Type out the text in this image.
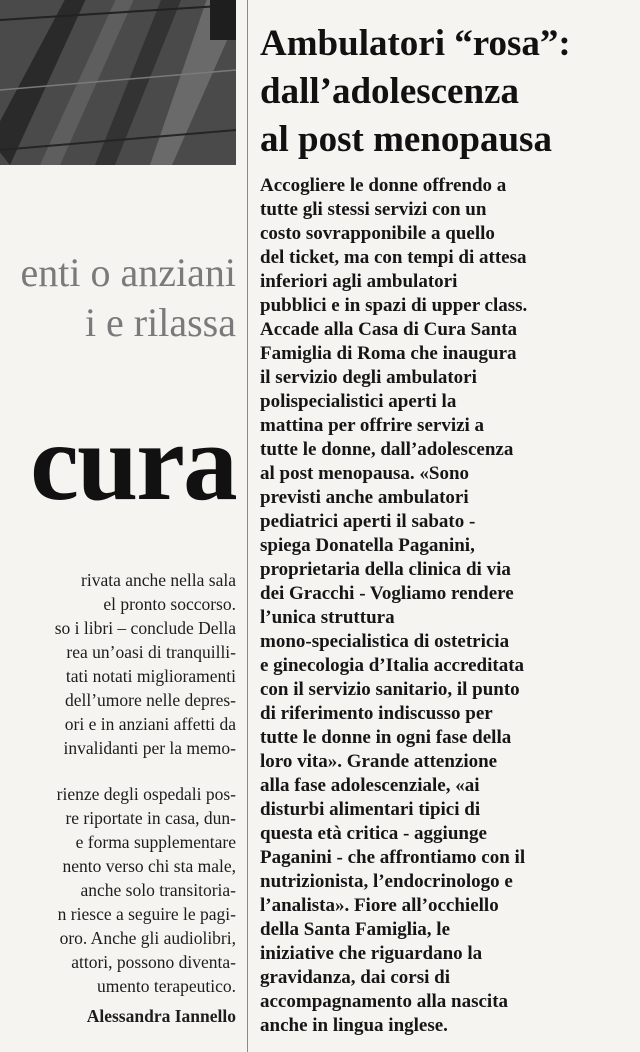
enti o anziani
i e rilassa
cura
rivata anche nella sala
el pronto soccorso.
so i libri – conclude Della
rea un’oasi di tranquilli-
tati notati miglioramenti
dell’umore nelle depres-
ori e in anziani affetti da
invalidanti per la memo-
rienze degli ospedali pos-
re riportate in casa, dun-
e forma supplementare
nento verso chi sta male,
anche solo transitoria-
n riesce a seguire le pagi-
oro. Anche gli audiolibri,
attori, possono diventa-
umento terapeutico.
Alessandra Iannello
Ambulatori “rosa”:
dall’adolescenza
al post menopausa
Accogliere le donne offrendo a
tutte gli stessi servizi con un
costo sovrapponibile a quello
del ticket, ma con tempi di attesa
inferiori agli ambulatori
pubblici e in spazi di upper class.
Accade alla Casa di Cura Santa
Famiglia di Roma che inaugura
il servizio degli ambulatori
polispecialistici aperti la
mattina per offrire servizi a
tutte le donne, dall’adolescenza
al post menopausa. «Sono
previsti anche ambulatori
pediatrici aperti il sabato -
spiega Donatella Paganini,
proprietaria della clinica di via
dei Gracchi - Vogliamo rendere
l’unica struttura
mono-specialistica di ostetricia
e ginecologia d’Italia accreditata
con il servizio sanitario, il punto
di riferimento indiscusso per
tutte le donne in ogni fase della
loro vita». Grande attenzione
alla fase adolescenziale, «ai
disturbi alimentari tipici di
questa età critica - aggiunge
Paganini - che affrontiamo con il
nutrizionista, l’endocrinologo e
l’analista». Fiore all’occhiello
della Santa Famiglia, le
iniziative che riguardano la
gravidanza, dai corsi di
accompagnamento alla nascita
anche in lingua inglese.
